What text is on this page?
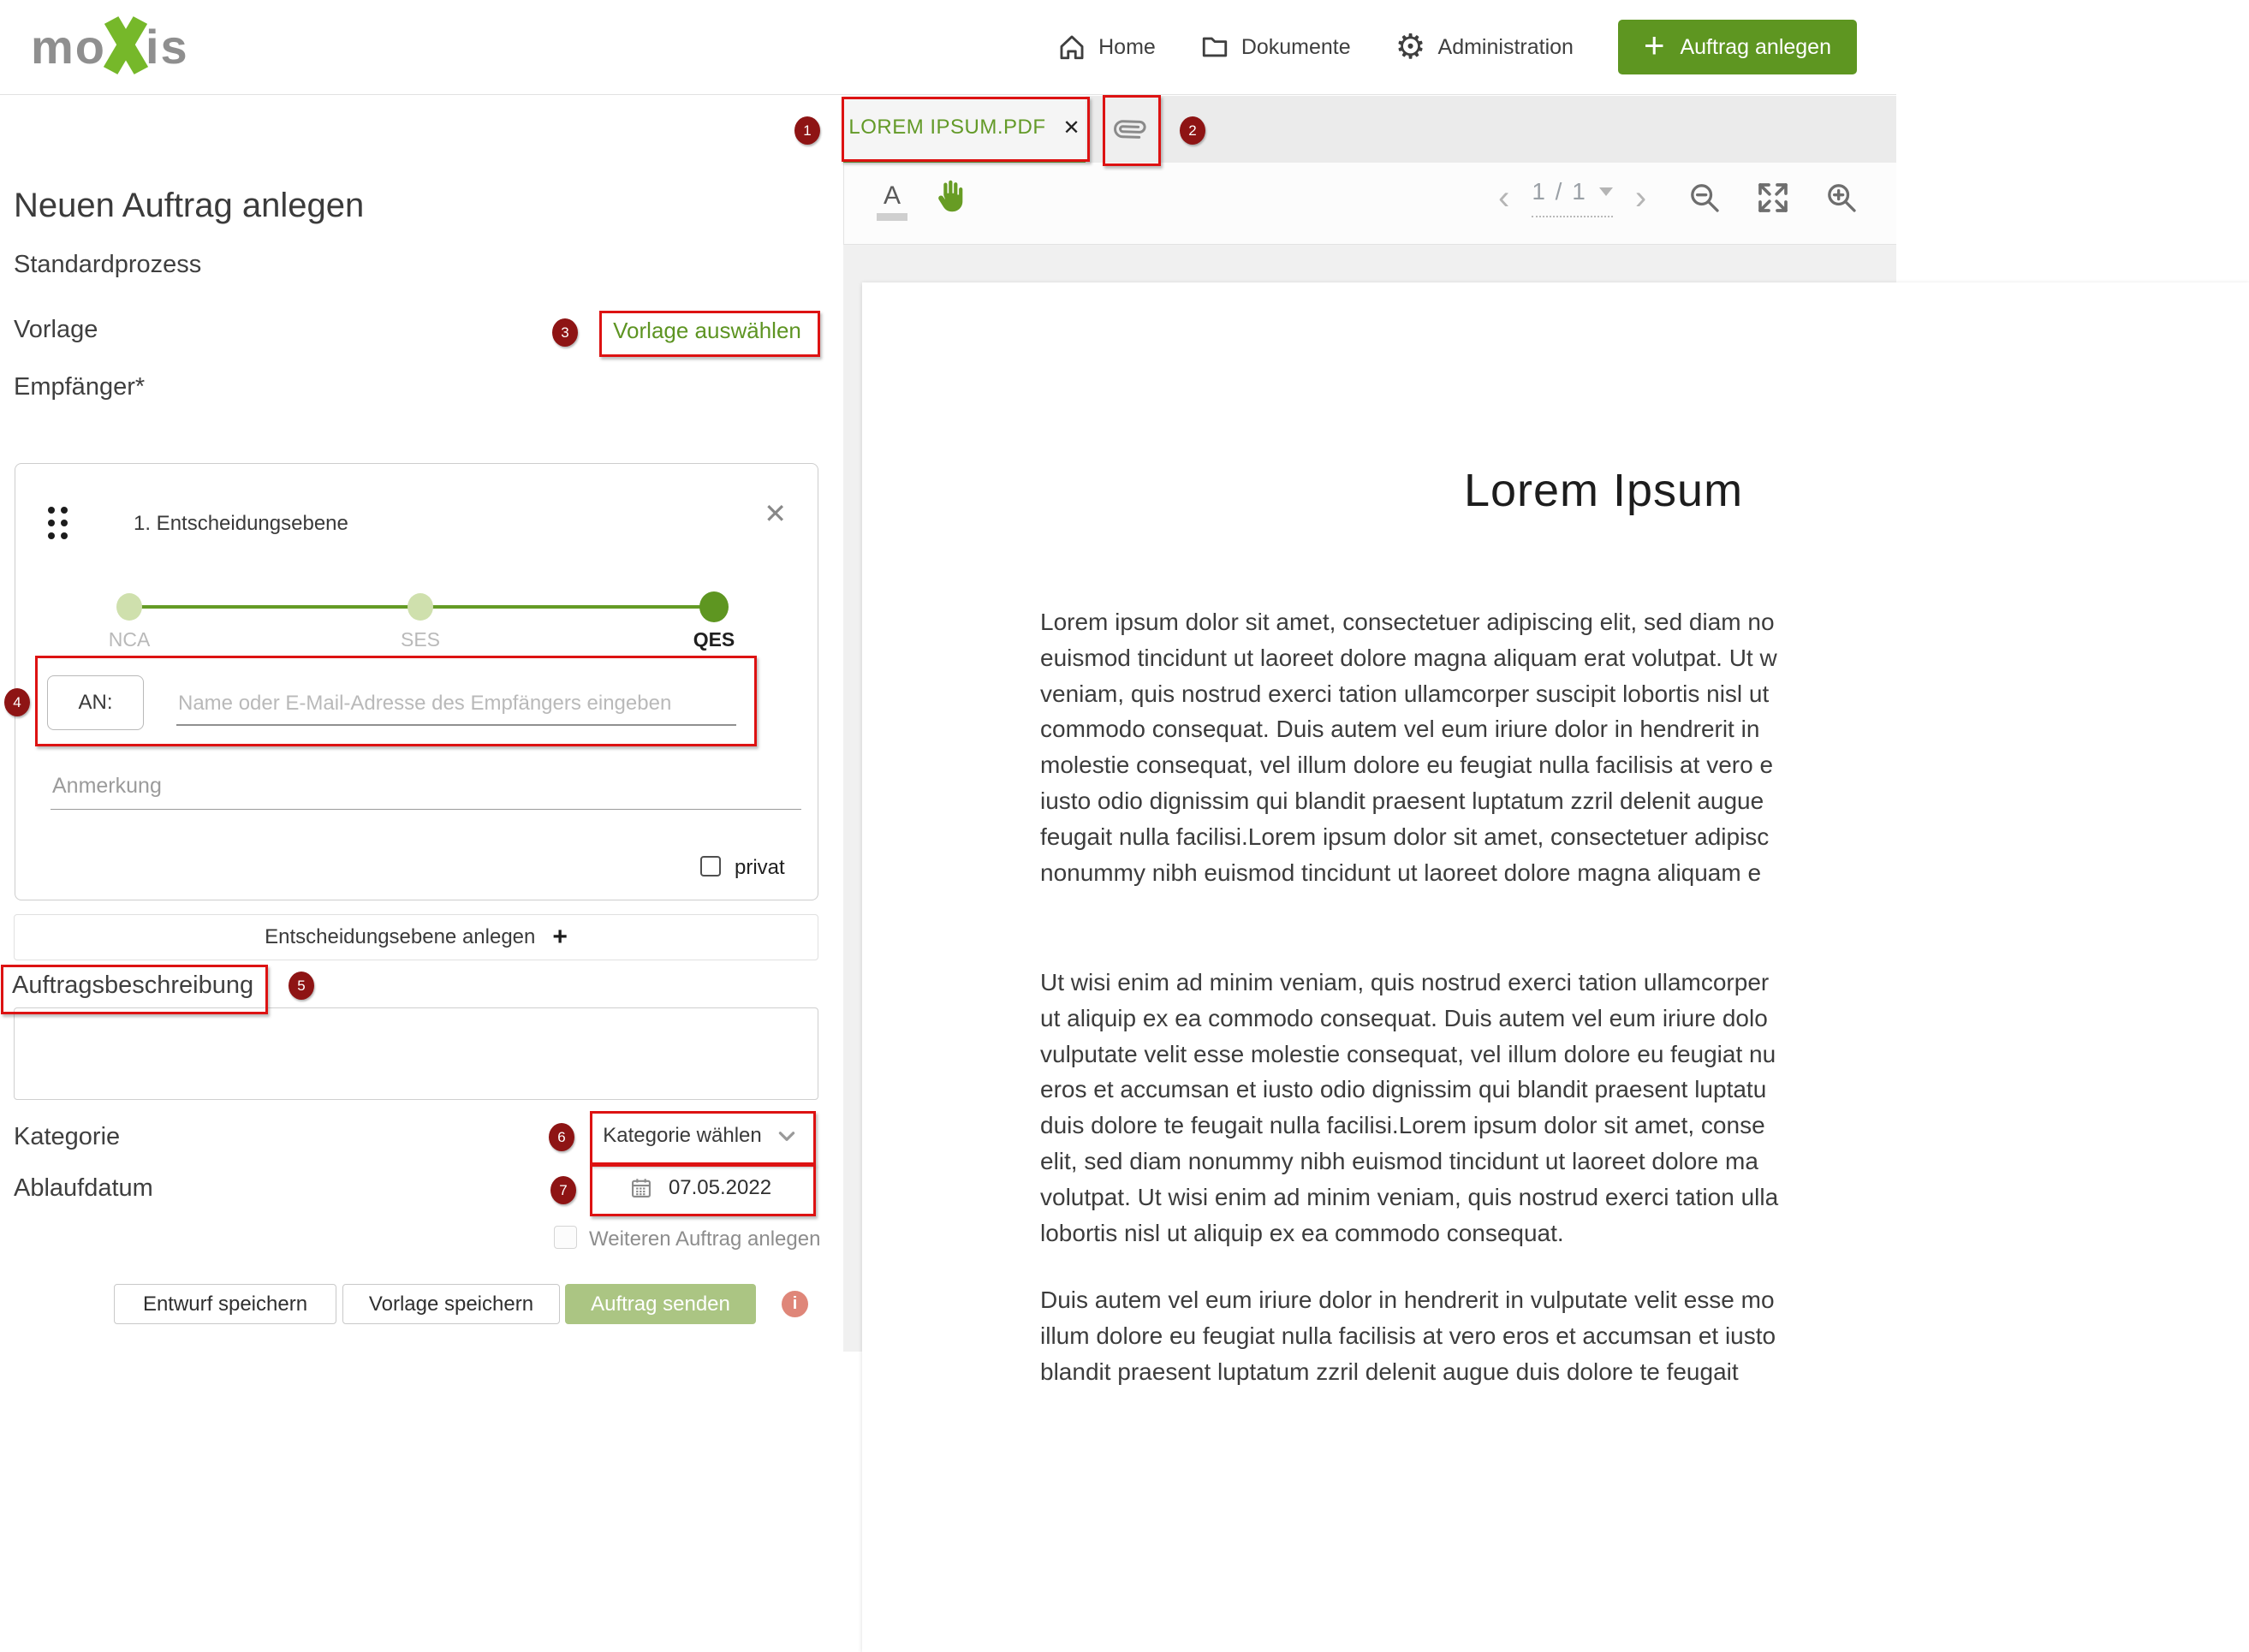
mo is	Home	Dokumente ⚙ Administration + Auftrag anlegen
Neuen Auftrag anlegen
Standardprozess
Vorlage	Vorlage auswählen
Empfänger*
1. Entscheidungsebene	✕
NCA	SES	QES
AN:
Name oder E-Mail-Adresse des Empfängers eingeben
Anmerkung
privat
Entscheidungsebene anlegen +
Auftragsbeschreibung
Kategorie	Kategorie wählen
Ablaufdatum	07.05.2022
Weiteren Auftrag anlegen
Entwurf speichern	Vorlage speichern	Auftrag senden	i
LOREM IPSUM.PDF ✕
A	‹ 1 / 1 ›
Lorem Ipsum
Lorem ipsum dolor sit amet, consectetuer adipiscing elit, sed diam no
euismod tincidunt ut laoreet dolore magna aliquam erat volutpat. Ut w
veniam, quis nostrud exerci tation ullamcorper suscipit lobortis nisl ut
commodo consequat. Duis autem vel eum iriure dolor in hendrerit in
molestie consequat, vel illum dolore eu feugiat nulla facilisis at vero e
iusto odio dignissim qui blandit praesent luptatum zzril delenit augue
feugait nulla facilisi.Lorem ipsum dolor sit amet, consectetuer adipisc
nonummy nibh euismod tincidunt ut laoreet dolore magna aliquam e
Ut wisi enim ad minim veniam, quis nostrud exerci tation ullamcorper
ut aliquip ex ea commodo consequat. Duis autem vel eum iriure dolo
vulputate velit esse molestie consequat, vel illum dolore eu feugiat nu
eros et accumsan et iusto odio dignissim qui blandit praesent luptatu
duis dolore te feugait nulla facilisi.Lorem ipsum dolor sit amet, conse
elit, sed diam nonummy nibh euismod tincidunt ut laoreet dolore ma
volutpat. Ut wisi enim ad minim veniam, quis nostrud exerci tation ulla
lobortis nisl ut aliquip ex ea commodo consequat.
Duis autem vel eum iriure dolor in hendrerit in vulputate velit esse mo
illum dolore eu feugiat nulla facilisis at vero eros et accumsan et iusto
blandit praesent luptatum zzril delenit augue duis dolore te feugait
1	2
3
4
5
6
7
